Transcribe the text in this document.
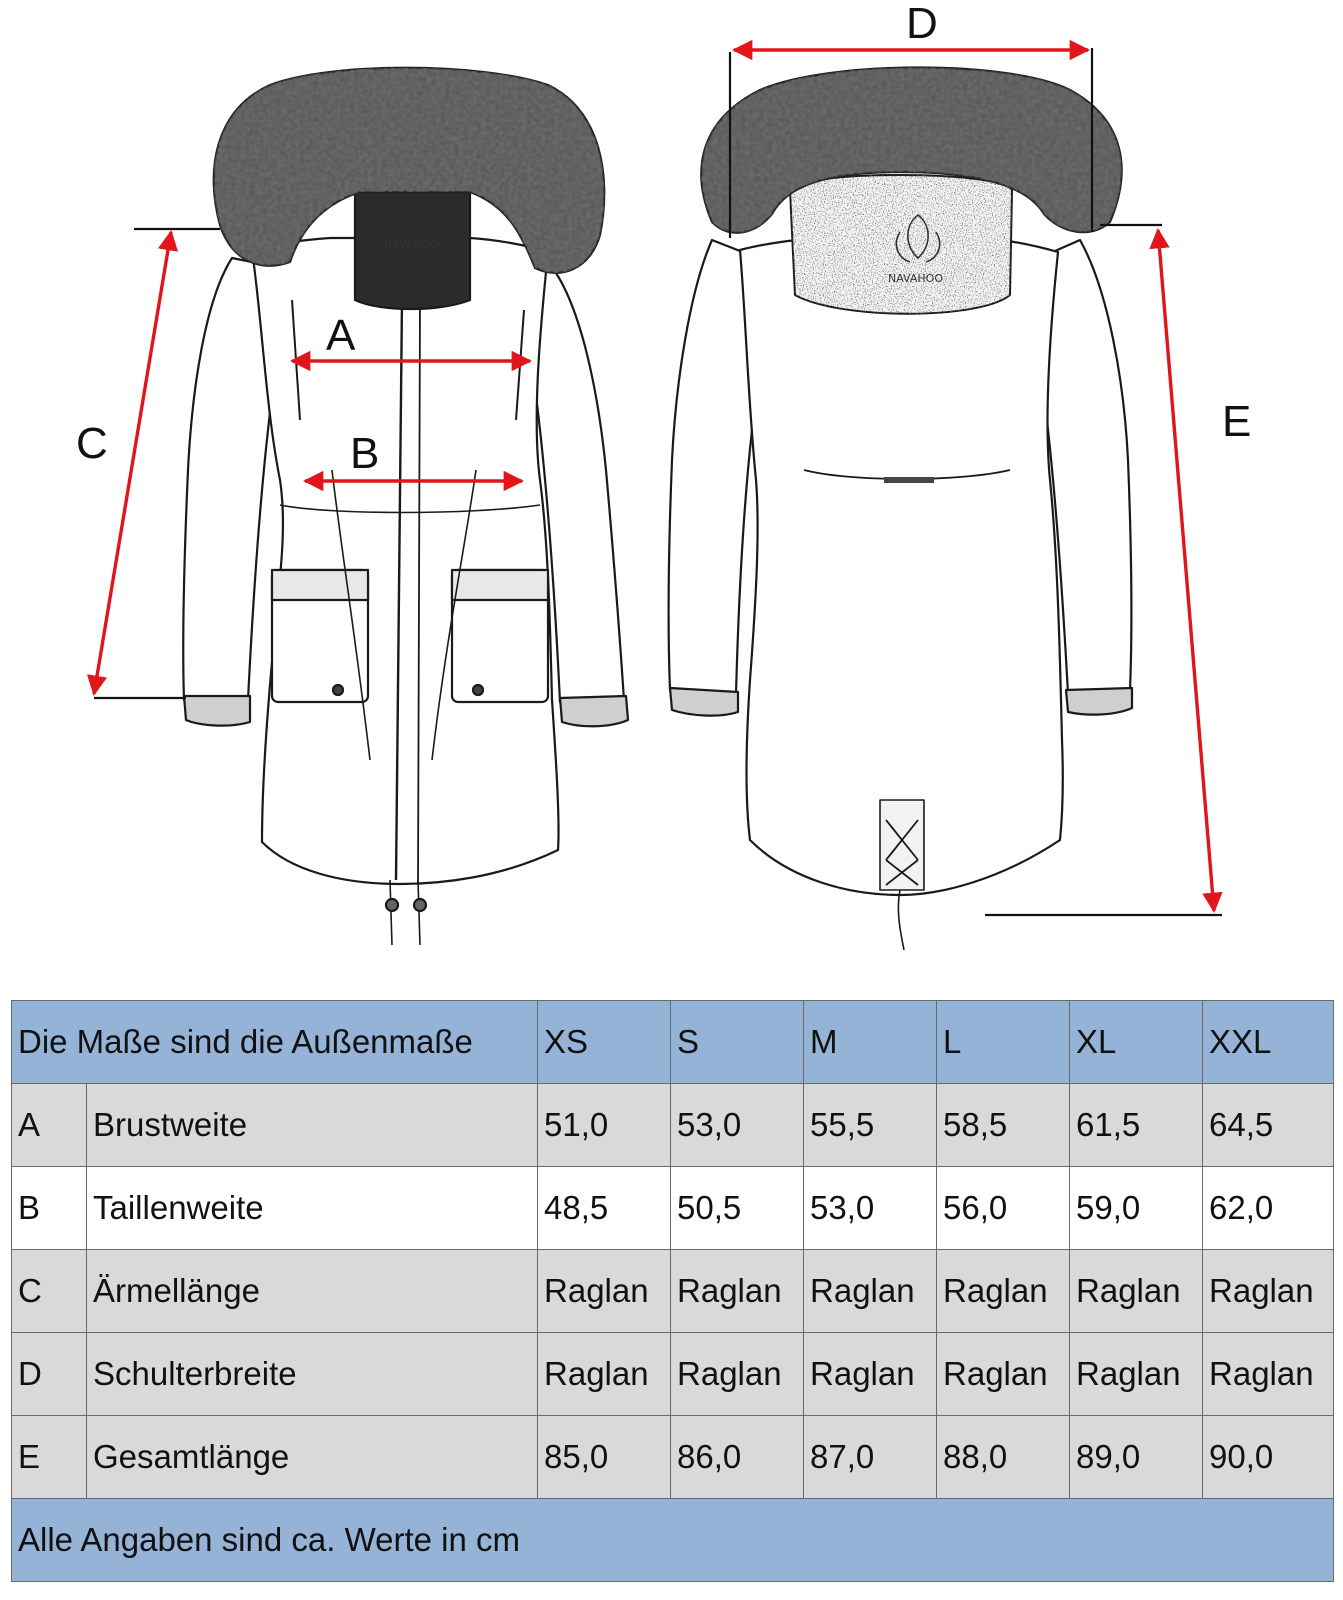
NAVAHOO
NAVAHOO
A
B
C
D
E
Die Maße sind die Außenmaße		XS	S	M	L	XL	XXL
A	Brustweite	51,0	53,0	55,5	58,5	61,5	64,5
B	Taillenweite	48,5	50,5	53,0	56,0	59,0	62,0
C	Ärmellänge	Raglan	Raglan	Raglan	Raglan	Raglan	Raglan
D	Schulterbreite	Raglan	Raglan	Raglan	Raglan	Raglan	Raglan
E	Gesamtlänge	85,0	86,0	87,0	88,0	89,0	90,0
Alle Angaben sind ca. Werte in cm							
